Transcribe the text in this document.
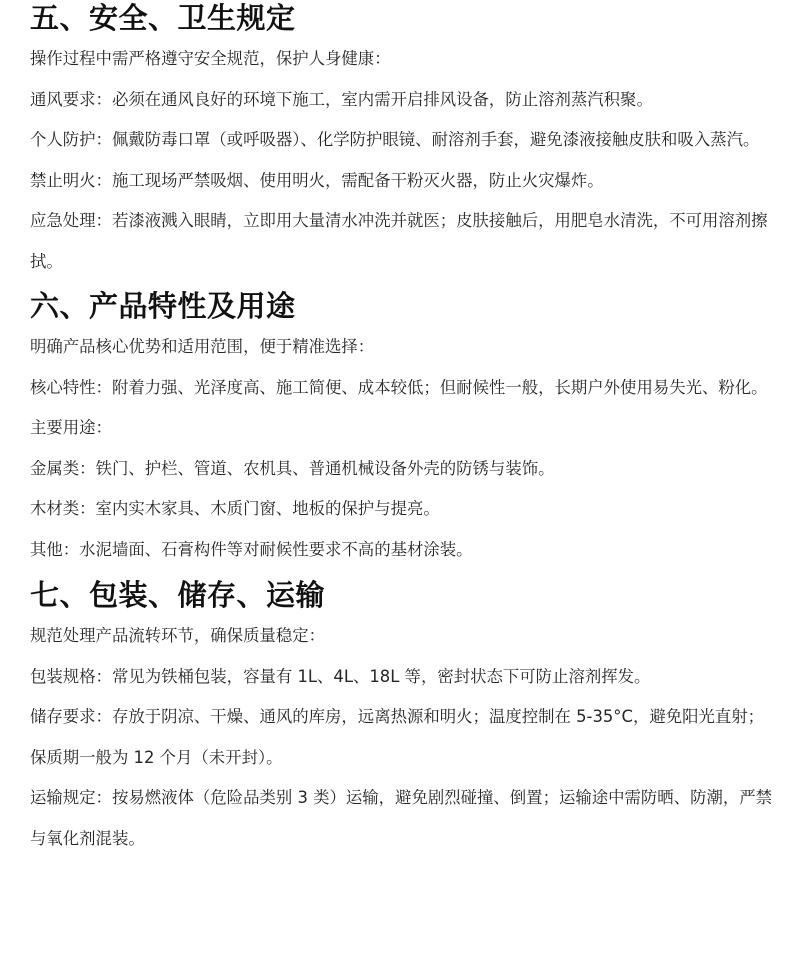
五、安全、卫生规定

操作过程中需严格遵守安全规范，保护人身健康：

通风要求：必须在通风良好的环境下施工，室内需开启排风设备，防止溶剂蒸汽积聚。

个人防护：佩戴防毒口罩（或呼吸器）、化学防护眼镜、耐溶剂手套，避免漆液接触皮肤和吸入蒸汽。

禁止明火：施工现场严禁吸烟、使用明火，需配备干粉灭火器，防止火灾爆炸。

应急处理：若漆液溅入眼睛，立即用大量清水冲洗并就医；皮肤接触后，用肥皂水清洗，不可用溶剂擦拭。

六、产品特性及用途

明确产品核心优势和适用范围，便于精准选择：

核心特性：附着力强、光泽度高、施工简便、成本较低；但耐候性一般，长期户外使用易失光、粉化。

主要用途：

金属类：铁门、护栏、管道、农机具、普通机械设备外壳的防锈与装饰。

木材类：室内实木家具、木质门窗、地板的保护与提亮。

其他：水泥墙面、石膏构件等对耐候性要求不高的基材涂装。

七、包装、储存、运输

规范处理产品流转环节，确保质量稳定：

包装规格：常见为铁桶包装，容量有 1L、4L、18L 等，密封状态下可防止溶剂挥发。

储存要求：存放于阴凉、干燥、通风的库房，远离热源和明火；温度控制在 5-35°C，避免阳光直射；保质期一般为 12 个月（未开封）。

运输规定：按易燃液体（危险品类别 3 类）运输，避免剧烈碰撞、倒置；运输途中需防晒、防潮，严禁与氧化剂混装。
